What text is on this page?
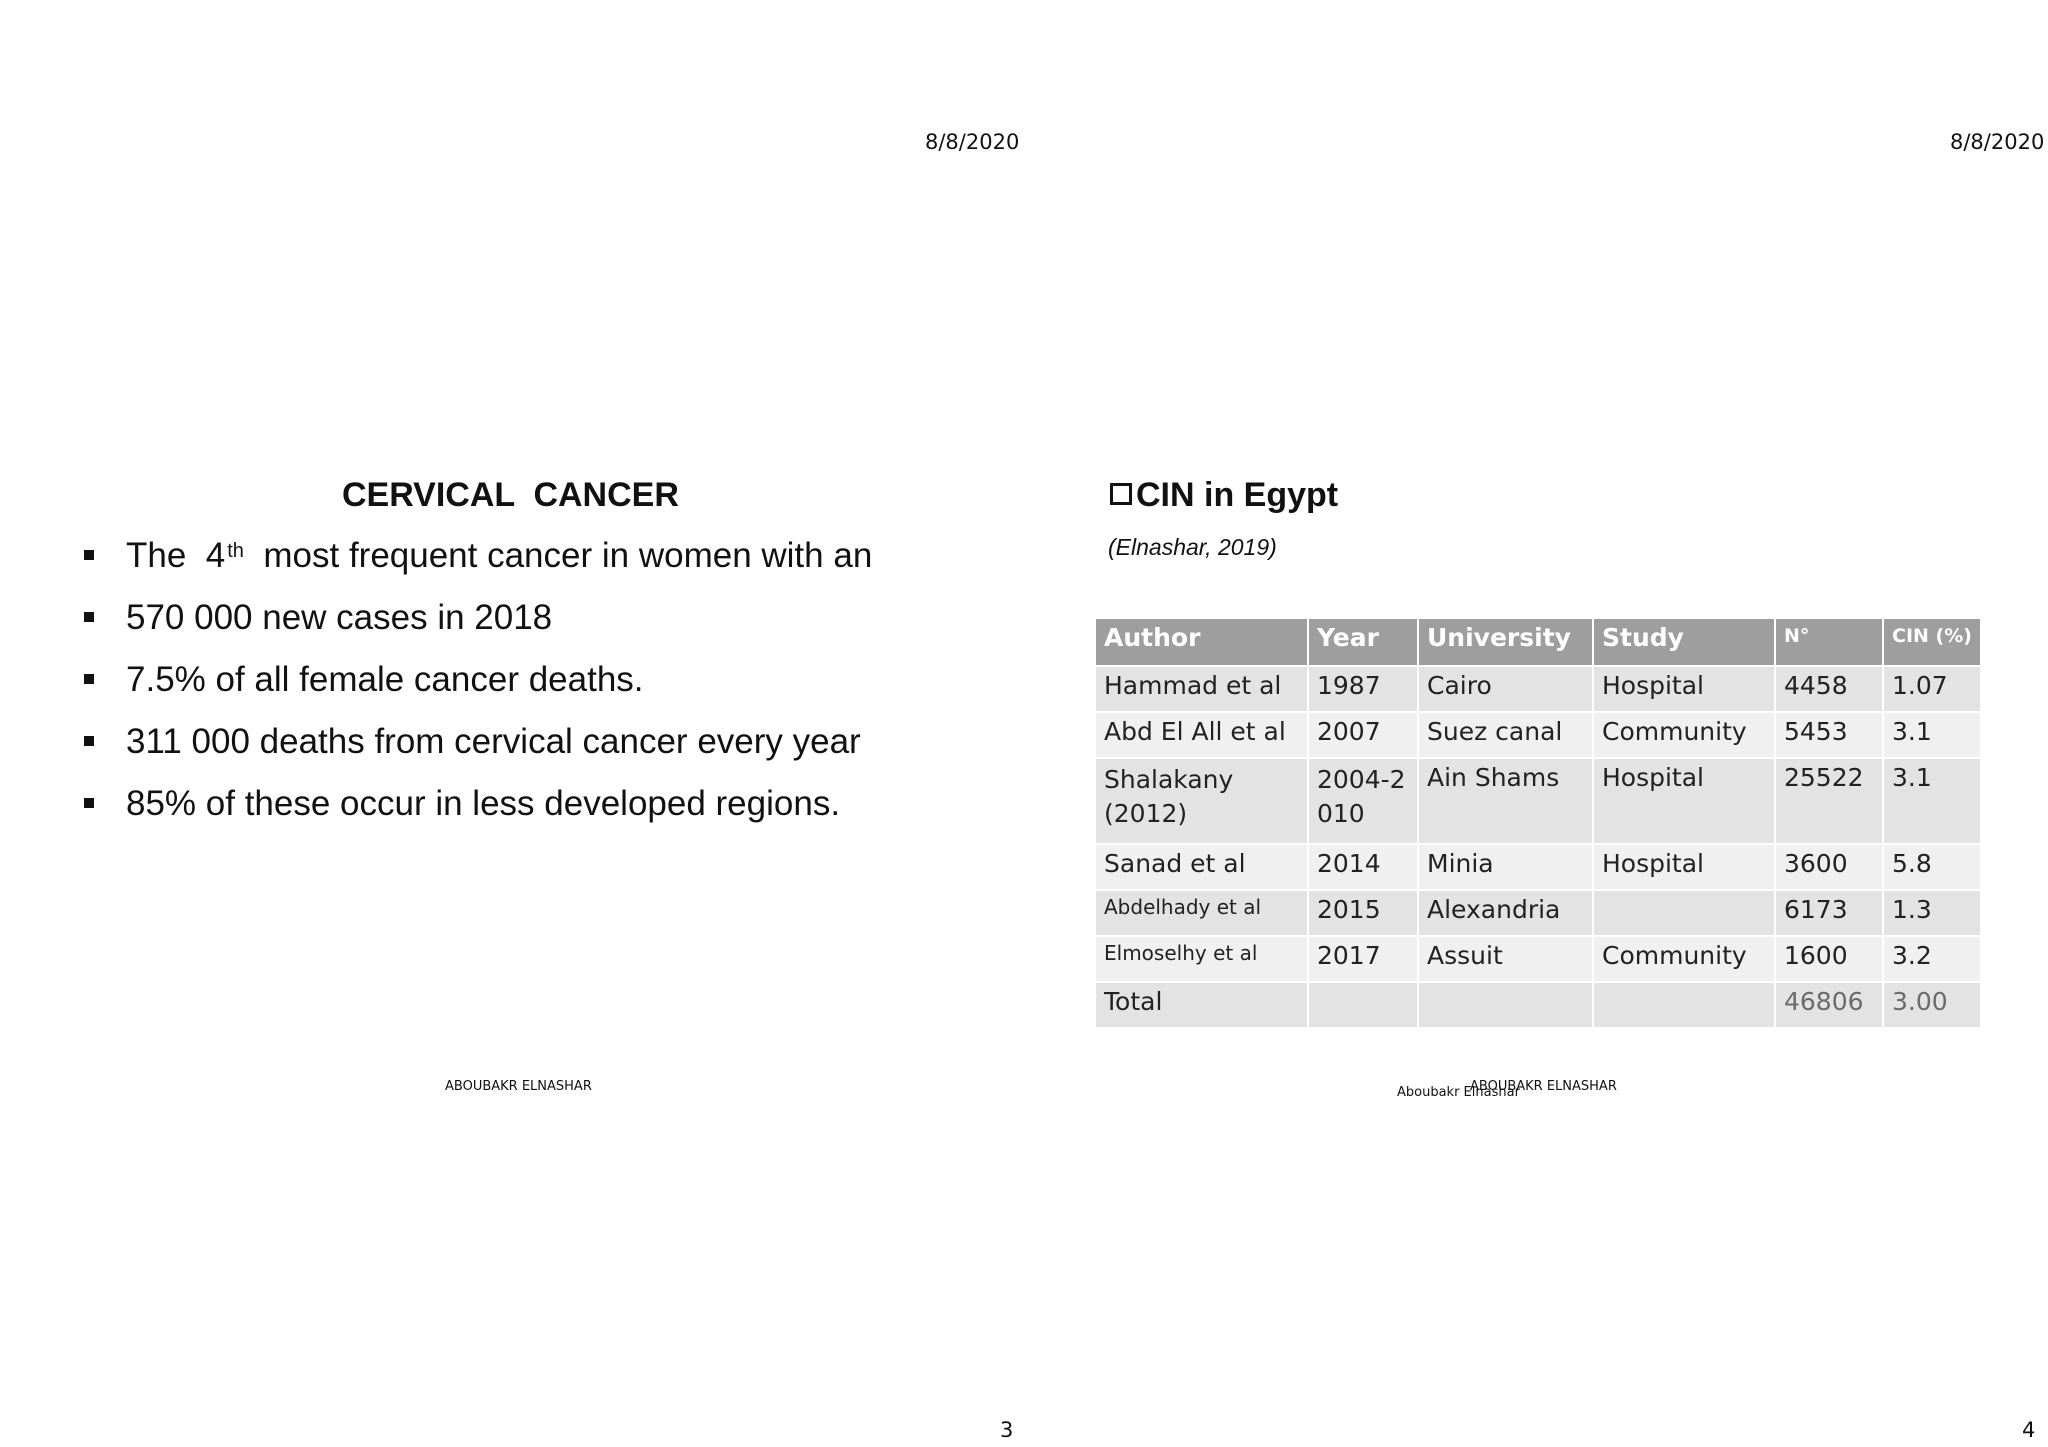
8/8/2020
CERVICAL  CANCER
The  4 $^{th}$  most frequent cancer in women with an
570 000 new cases in 2018
7.5% of all female cancer deaths.
311 000 deaths from cervical cancer every year
85% of these occur in less developed regions.
ABOUBAKR ELNASHAR
3
8/8/2020
CIN in Egypt
(Elnashar, 2019)
Author	Year	University	Study	N°	CIN (%)
Hammad et al	1987	Cairo	Hospital	4458	1.07
Abd El All et al	2007	Suez canal	Community	5453	3.1
Shalakany (2012)	2004-2010	Ain Shams	Hospital	25522	3.1
Sanad et al	2014	Minia	Hospital	3600	5.8
Abdelhady et al	2015	Alexandria		6173	1.3
Elmoselhy et al	2017	Assuit	Community	1600	3.2
Total				46806	3.00
Aboubakr Elnashar
ABOUBAKR ELNASHAR
4
